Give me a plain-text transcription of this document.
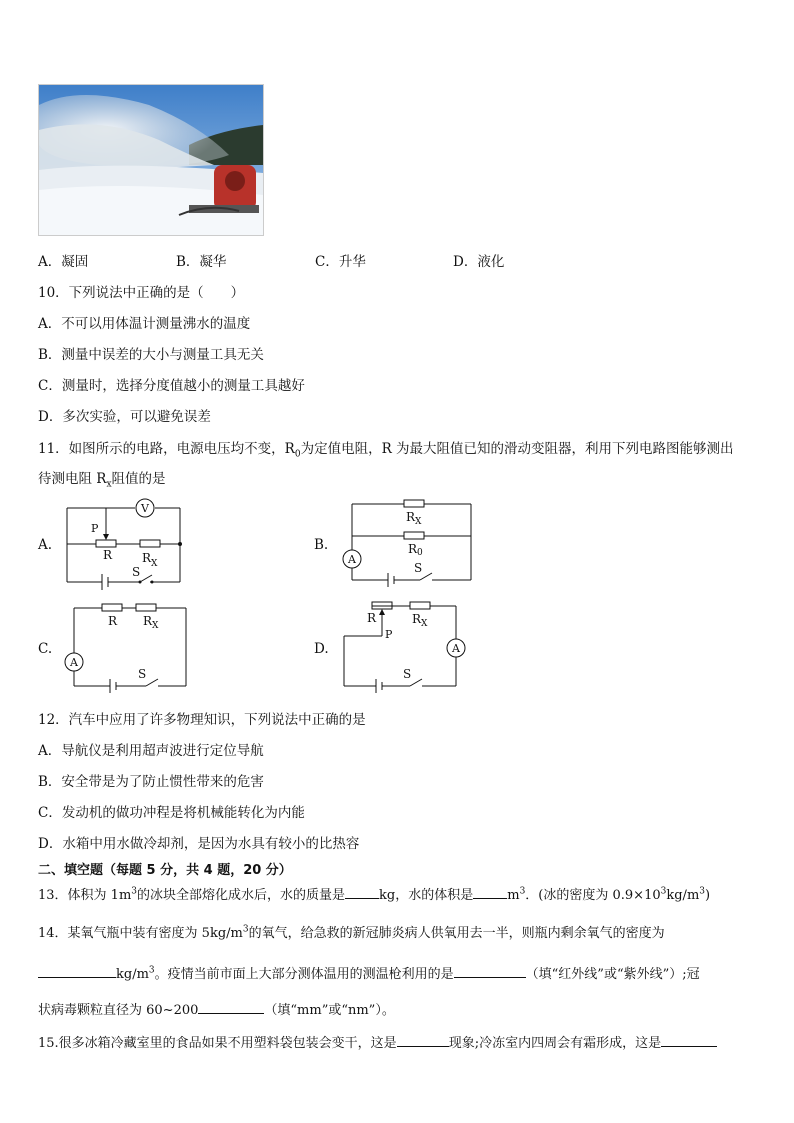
A．凝固	B．凝华	C．升华	D．液化
10．下列说法中正确的是（　　）
A．不可以用体温计测量沸水的温度
B．测量中误差的大小与测量工具无关
C．测量时，选择分度值越小的测量工具越好
D．多次实验，可以避免误差
11．如图所示的电路，电源电压均不变，$R_0$为定值电阻，R 为最大阻值已知的滑动变阻器，利用下列电路图能够测出
待测电阻 $R_x$阻值的是
A.	B.
C.	D.
V
P
R R X
S
A
R X
R 0
S
A
R R X
S
A
R
P
R X
S
12．汽车中应用了许多物理知识，下列说法中正确的是
A．导航仪是利用超声波进行定位导航
B．安全带是为了防止惯性带来的危害
C．发动机的做功冲程是将机械能转化为内能
D．水箱中用水做冷却剂，是因为水具有较小的比热容
二、填空题（每题 5 分，共 4 题，20 分）
13．体积为 $1m^3$的冰块全部熔化成水后，水的质量是	kg，水的体积是	$m^3$．(冰的密度为 $0.9\times 10^3kg/m^3$)
14．某氧气瓶中装有密度为 $5kg/m^3$的氧气，给急救的新冠肺炎病人供氧用去一半，则瓶内剩余氧气的密度为
$kg/m^3$。疫情当前市面上大部分测体温用的测温枪利用的是	（填“红外线”或“紫外线”）;冠
状病毒颗粒直径为 60~200	（填“mm”或“nm”）。
15.很多冰箱冷藏室里的食品如果不用塑料袋包装会变干，这是	现象;冷冻室内四周会有霜形成，这是
